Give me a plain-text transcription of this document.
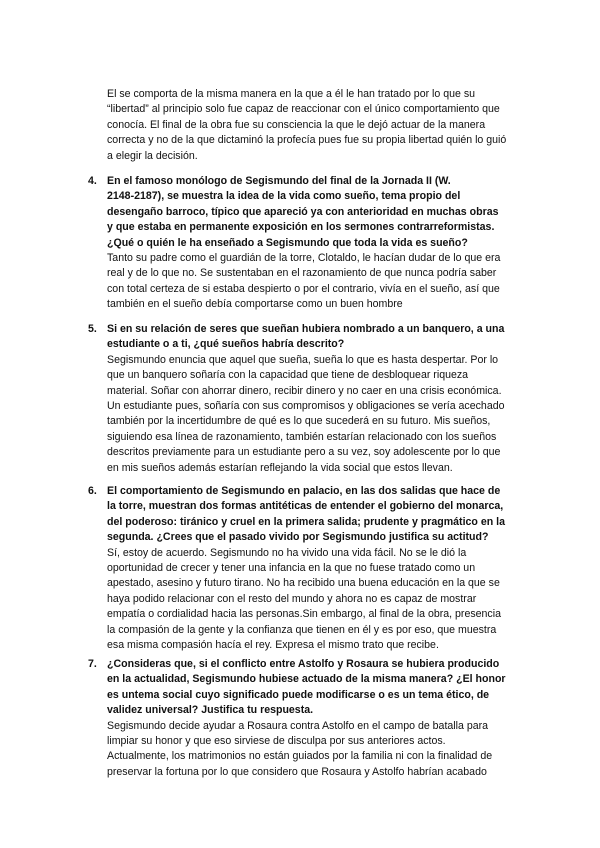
El se comporta de la misma manera en la que a él le han tratado por lo que su
“libertad” al principio solo fue capaz de reaccionar con el único comportamiento que
conocía. El final de la obra fue su consciencia la que le dejó actuar de la manera
correcta y no de la que dictaminó la profecía pues fue su propia libertad quién lo guió
a elegir la decisión.

4. En el famoso monólogo de Segismundo del final de la Jornada II (W.
2148-2187), se muestra la idea de la vida como sueño, tema propio del
desengaño barroco, típico que apareció ya con anterioridad en muchas obras
y que estaba en permanente exposición en los sermones contrarreformistas.
¿Qué o quién le ha enseñado a Segismundo que toda la vida es sueño?

Tanto su padre como el guardián de la torre, Clotaldo, le hacían dudar de lo que era
real y de lo que no. Se sustentaban en el razonamiento de que nunca podría saber
con total certeza de si estaba despierto o por el contrario, vivía en el sueño, así que
también en el sueño debía comportarse como un buen hombre

5. Si en su relación de seres que sueñan hubiera nombrado a un banquero, a una
estudiante o a ti, ¿qué sueños habría descrito?

Segismundo enuncia que aquel que sueña, sueña lo que es hasta despertar. Por lo
que un banquero soñaría con la capacidad que tiene de desbloquear riqueza
material. Soñar con ahorrar dinero, recibir dinero y no caer en una crisis económica.
Un estudiante pues, soñaría con sus compromisos y obligaciones se vería acechado
también por la incertidumbre de qué es lo que sucederá en su futuro. Mis sueños,
siguiendo esa línea de razonamiento, también estarían relacionado con los sueños
descritos previamente para un estudiante pero a su vez, soy adolescente por lo que
en mis sueños además estarían reflejando la vida social que estos llevan.

6. El comportamiento de Segismundo en palacio, en las dos salidas que hace de
la torre, muestran dos formas antitéticas de entender el gobierno del monarca,
del poderoso: tiránico y cruel en la primera salida; prudente y pragmático en la
segunda. ¿Crees que el pasado vivido por Segismundo justifica su actitud?

Sí, estoy de acuerdo. Segismundo no ha vivido una vida fácil. No se le dió la
oportunidad de crecer y tener una infancia en la que no fuese tratado como un
apestado, asesino y futuro tirano. No ha recibido una buena educación en la que se
haya podido relacionar con el resto del mundo y ahora no es capaz de mostrar
empatía o cordialidad hacia las personas.Sin embargo, al final de la obra, presencia
la compasión de la gente y la confianza que tienen en él y es por eso, que muestra
esa misma compasión hacía el rey. Expresa el mismo trato que recibe.

7. ¿Consideras que, si el conflicto entre Astolfo y Rosaura se hubiera producido
en la actualidad, Segismundo hubiese actuado de la misma manera? ¿El honor
es untema social cuyo significado puede modificarse o es un tema ético, de
validez universal? Justifica tu respuesta.

Segismundo decide ayudar a Rosaura contra Astolfo en el campo de batalla para
limpiar su honor y que eso sirviese de disculpa por sus anteriores actos.
Actualmente, los matrimonios no están guiados por la familia ni con la finalidad de
preservar la fortuna por lo que considero que Rosaura y Astolfo habrían acabado
